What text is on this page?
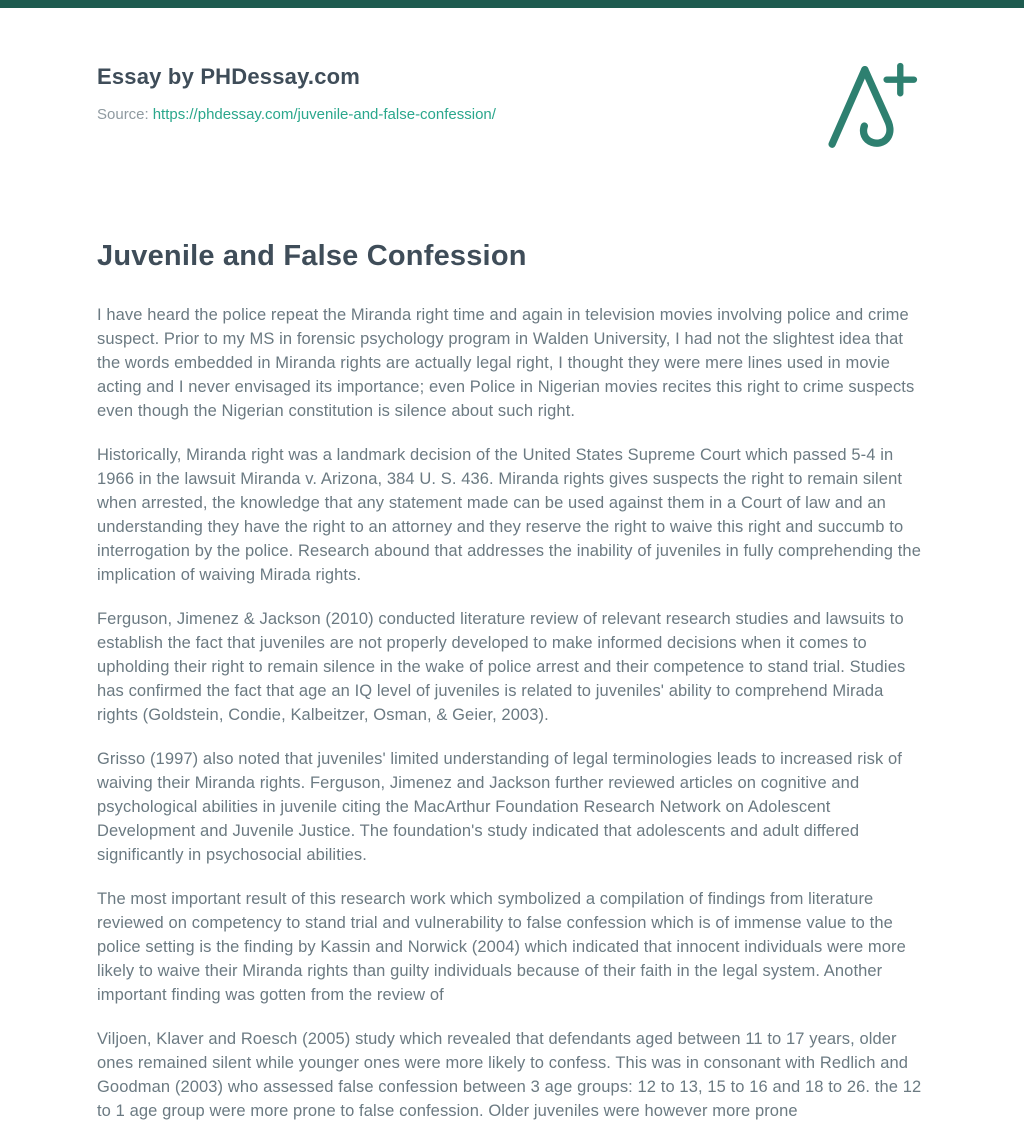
Essay by PHDessay.com
Source: https://phdessay.com/juvenile-and-false-confession/
Juvenile and False Confession

I have heard the police repeat the Miranda right time and again in television movies involving police and crime suspect. Prior to my MS in forensic psychology program in Walden University, I had not the slightest idea that the words embedded in Miranda rights are actually legal right, I thought they were mere lines used in movie acting and I never envisaged its importance; even Police in Nigerian movies recites this right to crime suspects even though the Nigerian constitution is silence about such right.

Historically, Miranda right was a landmark decision of the United States Supreme Court which passed 5-4 in 1966 in the lawsuit Miranda v. Arizona, 384 U. S. 436. Miranda rights gives suspects the right to remain silent when arrested, the knowledge that any statement made can be used against them in a Court of law and an understanding they have the right to an attorney and they reserve the right to waive this right and succumb to interrogation by the police. Research abound that addresses the inability of juveniles in fully comprehending the implication of waiving Mirada rights.

Ferguson, Jimenez & Jackson (2010) conducted literature review of relevant research studies and lawsuits to establish the fact that juveniles are not properly developed to make informed decisions when it comes to upholding their right to remain silence in the wake of police arrest and their competence to stand trial. Studies has confirmed the fact that age an IQ level of juveniles is related to juveniles' ability to comprehend Mirada rights (Goldstein, Condie, Kalbeitzer, Osman, & Geier, 2003).

Grisso (1997) also noted that juveniles' limited understanding of legal terminologies leads to increased risk of waiving their Miranda rights. Ferguson, Jimenez and Jackson further reviewed articles on cognitive and psychological abilities in juvenile citing the MacArthur Foundation Research Network on Adolescent Development and Juvenile Justice. The foundation's study indicated that adolescents and adult differed significantly in psychosocial abilities.

The most important result of this research work which symbolized a compilation of findings from literature reviewed on competency to stand trial and vulnerability to false confession which is of immense value to the police setting is the finding by Kassin and Norwick (2004) which indicated that innocent individuals were more likely to waive their Miranda rights than guilty individuals because of their faith in the legal system. Another important finding was gotten from the review of

Viljoen, Klaver and Roesch (2005) study which revealed that defendants aged between 11 to 17 years, older ones remained silent while younger ones were more likely to confess. This was in consonant with Redlich and Goodman (2003) who assessed false confession between 3 age groups: 12 to 13, 15 to 16 and 18 to 26. the 12 to 1 age group were more prone to false confession. Older juveniles were however more prone
